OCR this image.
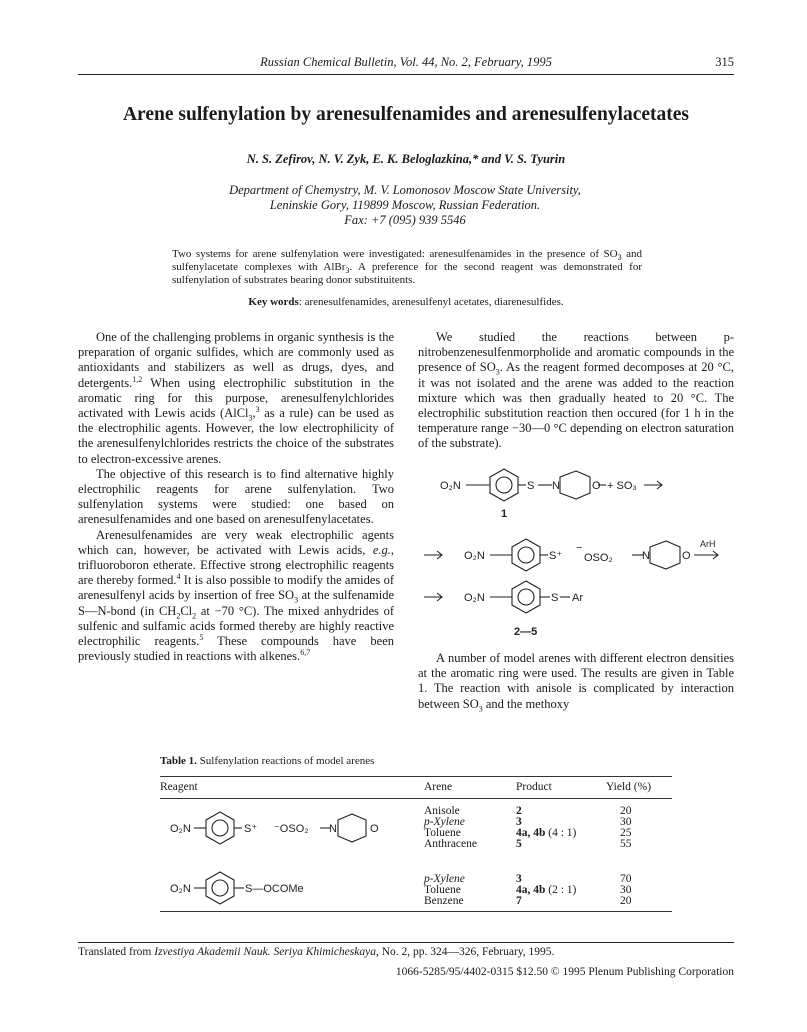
Russian Chemical Bulletin, Vol. 44, No. 2, February, 1995	315
Arene sulfenylation by arenesulfenamides and arenesulfenylacetates
N. S. Zefirov, N. V. Zyk, E. K. Beloglazkina,* and V. S. Tyurin
Department of Chemystry, M. V. Lomonosov Moscow State University,
Leninskie Gory, 119899 Moscow, Russian Federation.
Fax: +7 (095) 939 5546
Two systems for arene sulfenylation were investigated: arenesulfenamides in the presence of $SO_3$ and sulfenylacetate complexes with AlBr$_3$. A preference for the second reagent was demonstrated for sulfenylation of substrates bearing donor substituitents.
Key words: arenesulfenamides, arenesulfenyl acetates, diarenesulfides.

One of the challenging problems in organic synthesis is the preparation of organic sulfides, which are commonly used as antioxidants and stabilizers as well as drugs, dyes, and detergents.$^{1,2}$ When using electrophilic substitution in the aromatic ring for this purpose, arenesulfenylchlorides activated with Lewis acids (AlCl$_3$,$^3$ as a rule) can be used as the electrophilic agents. However, the low electrophilicity of the arenesulfenylchlorides restricts the choice of the substrates to electron-excessive arenes.

The objective of this research is to find alternative highly electrophilic reagents for arene sulfenylation. Two sulfenylation systems were studied: one based on arenesulfenamides and one based on arenesulfenylacetates.

Arenesulfenamides are very weak electrophilic agents which can, however, be activated with Lewis acids, e.g., trifluoroboron etherate. Effective strong electrophilic reagents are thereby formed.$^4$ It is also possible to modify the amides of arenesulfenyl acids by insertion of free $SO_3$ at the sulfenamide S—N-bond (in $CH_2Cl_2$ at −70 °C). The mixed anhydrides of sulfenic and sulfamic acids formed thereby are highly reactive electrophilic reagents.$^5$ These compounds have been previously studied in reactions with alkenes.$^{6,7}$

We studied the reactions between p-nitrobenzenesulfenmorpholide and aromatic compounds in the presence of $SO_3$. As the reagent formed decomposes at 20 °C, it was not isolated and the arene was added to the reaction mixture which was then gradually heated to 20 °C. The electrophilic substitution reaction then occured (for 1 h in the temperature range −30—0 °C depending on electron saturation of the substrate).

O₂N	S N	O + SO₃
1
O₂N	S⁺
−
OSO₂	N	O
ArH
O₂N	S Ar
2—5

A number of model arenes with different electron densities at the aromatic ring were used. The results are given in Table 1. The reaction with anisole is complicated by interaction between $SO_3$ and the methoxy

Table 1. Sulfenylation reactions of model arenes
Reagent	Arene	Product	Yield (%)
O₂N	S⁺ ⁻OSO₂ N	O
Anisole	2	20
p-Xylene	3	30
Toluene	4a, 4b (4 : 1)	25
Anthracene	5	55
O₂N	S—OCOMe
p-Xylene	3	70
Toluene	4a, 4b (2 : 1)	30
Benzene	7	20
Translated from Izvestiya Akademii Nauk. Seriya Khimicheskaya, No. 2, pp. 324—326, February, 1995.
1066-5285/95/4402-0315 $12.50 © 1995 Plenum Publishing Corporation
